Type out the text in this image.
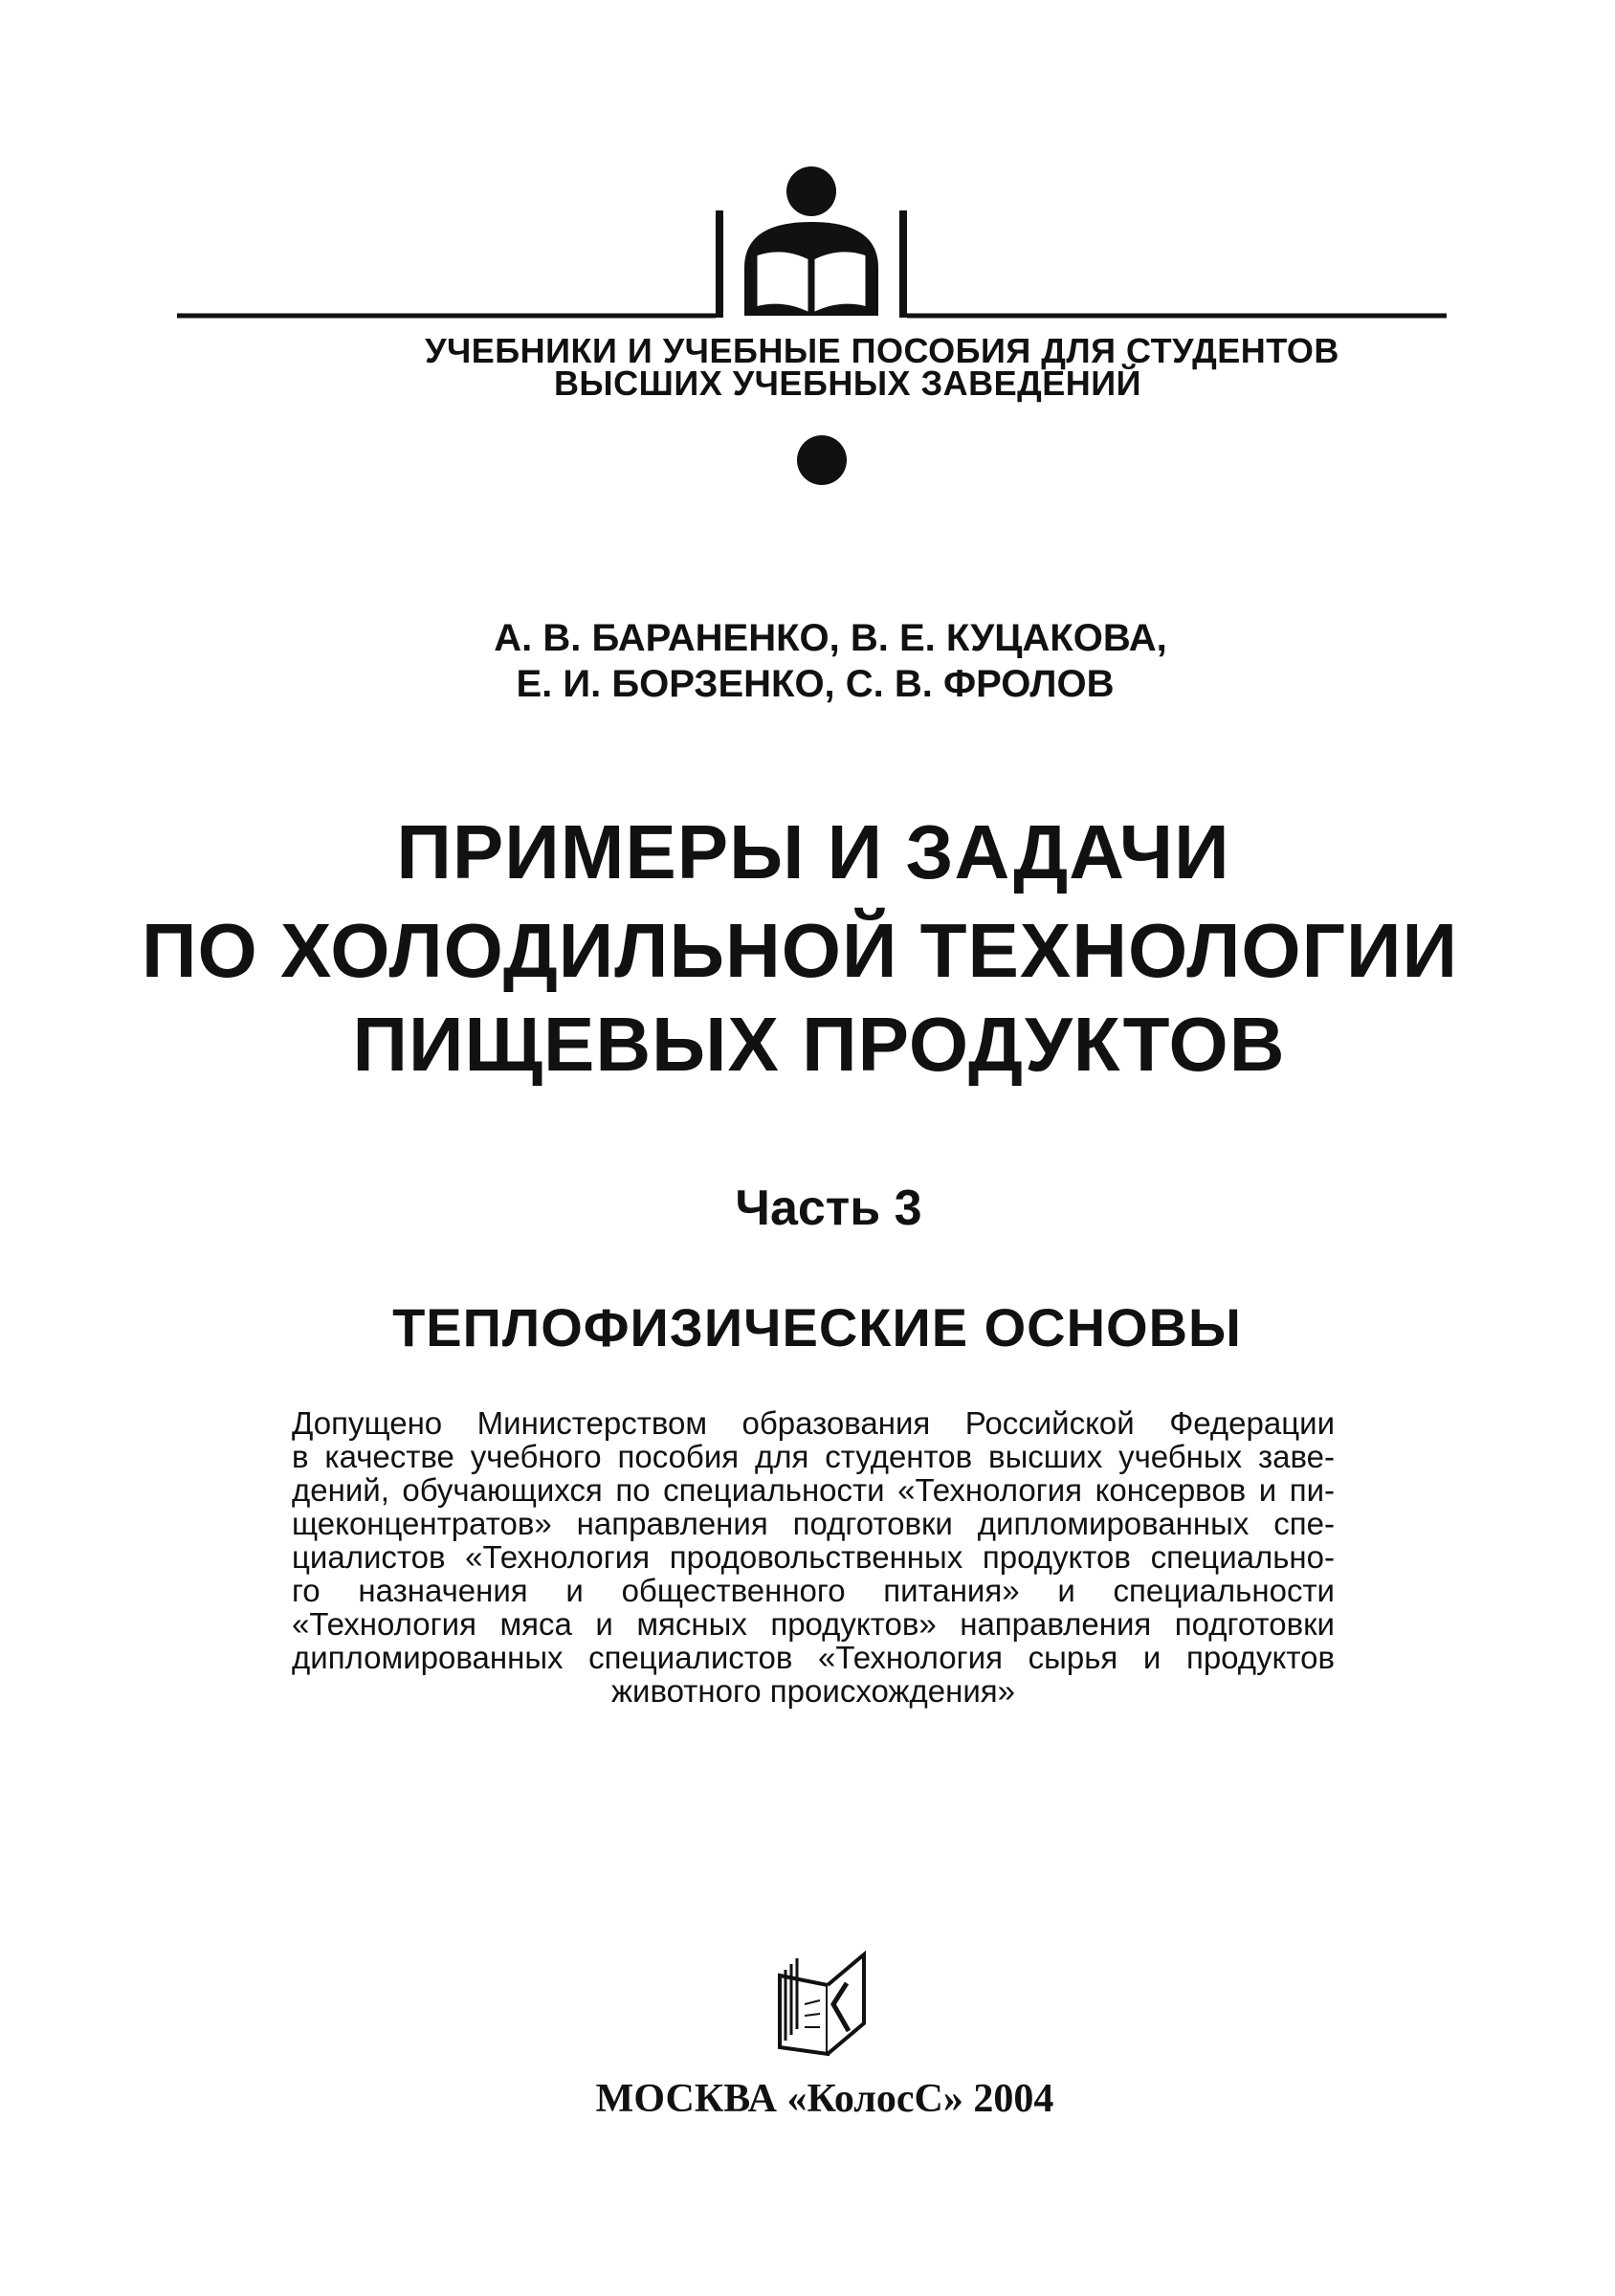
УЧЕБНИКИ И УЧЕБНЫЕ ПОСОБИЯ ДЛЯ СТУДЕНТОВ
ВЫСШИХ УЧЕБНЫХ ЗАВЕДЕНИЙ
А. В. БАРАНЕНКО, В. Е. КУЦАКОВА,
Е. И. БОРЗЕНКО, С. В. ФРОЛОВ
ПРИМЕРЫ И ЗАДАЧИ
ПО ХОЛОДИЛЬНОЙ ТЕХНОЛОГИИ
ПИЩЕВЫХ ПРОДУКТОВ
Часть 3
ТЕПЛОФИЗИЧЕСКИЕ ОСНОВЫ
Допущено Министерством образования Российской Федерации
в качестве учебного пособия для студентов высших учебных заве-
дений, обучающихся по специальности «Технология консервов и пи-
щеконцентратов» направления подготовки дипломированных спе-
циалистов «Технология продовольственных продуктов специально-
го назначения и общественного питания» и специальности
«Технология мяса и мясных продуктов» направления подготовки
дипломированных специалистов «Технология сырья и продуктов
животного происхождения»
МОСКВА «КолосС» 2004
